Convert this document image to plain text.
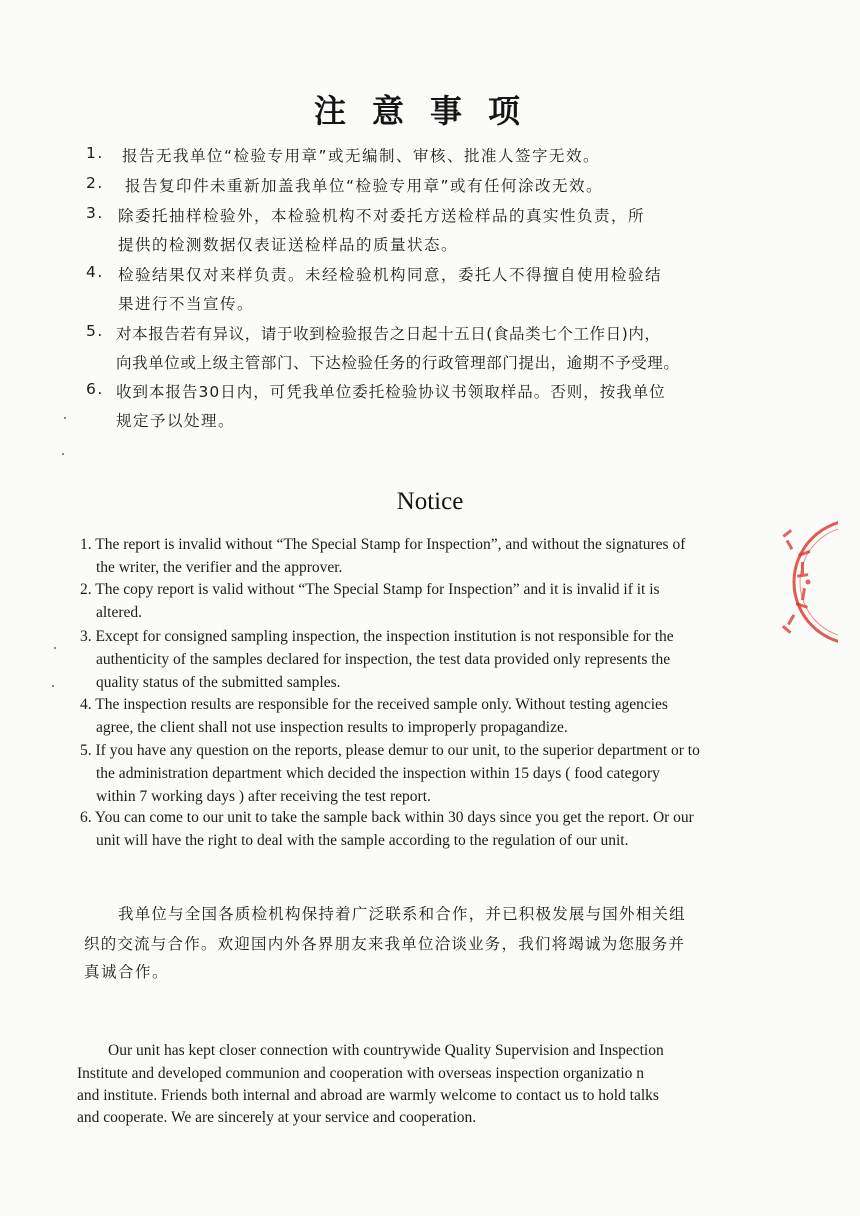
注意事项
1. 报告无我单位“检验专用章”或无编制、审核、批准人签字无效。
2. 报告复印件未重新加盖我单位“检验专用章”或有任何涂改无效。
3. 除委托抽样检验外，本检验机构不对委托方送检样品的真实性负责，所
提供的检测数据仅表证送检样品的质量状态。
4. 检验结果仅对来样负责。未经检验机构同意，委托人不得擅自使用检验结
果进行不当宣传。
5. 对本报告若有异议，请于收到检验报告之日起十五日(食品类七个工作日)内，
向我单位或上级主管部门、下达检验任务的行政管理部门提出，逾期不予受理。
6. 收到本报告30日内，可凭我单位委托检验协议书领取样品。否则，按我单位
规定予以处理。
Notice
1. The report is invalid without “The Special Stamp for Inspection”, and without the signatures of
the writer, the verifier and the approver.
2. The copy report is valid without “The Special Stamp for Inspection” and it is invalid if it is
altered.
3. Except for consigned sampling inspection, the inspection institution is not responsible for the
authenticity of the samples declared for inspection, the test data provided only represents the
quality status of the submitted samples.
4. The inspection results are responsible for the received sample only. Without testing agencies
agree, the client shall not use inspection results to improperly propagandize.
5. If you have any question on the reports, please demur to our unit, to the superior department or to
the administration department which decided the inspection within 15 days ( food category
within 7 working days ) after receiving the test report.
6. You can come to our unit to take the sample back within 30 days since you get the report. Or our
unit will have the right to deal with the sample according to the regulation of our unit.
我单位与全国各质检机构保持着广泛联系和合作，并已积极发展与国外相关组
织的交流与合作。欢迎国内外各界朋友来我单位洽谈业务，我们将竭诚为您服务并
真诚合作。
Our unit has kept closer connection with countrywide Quality Supervision and Inspection
Institute and developed communion and cooperation with overseas inspection organizatio n
and institute. Friends both internal and abroad are warmly welcome to contact us to hold talks
and cooperate. We are sincerely at your service and cooperation.
